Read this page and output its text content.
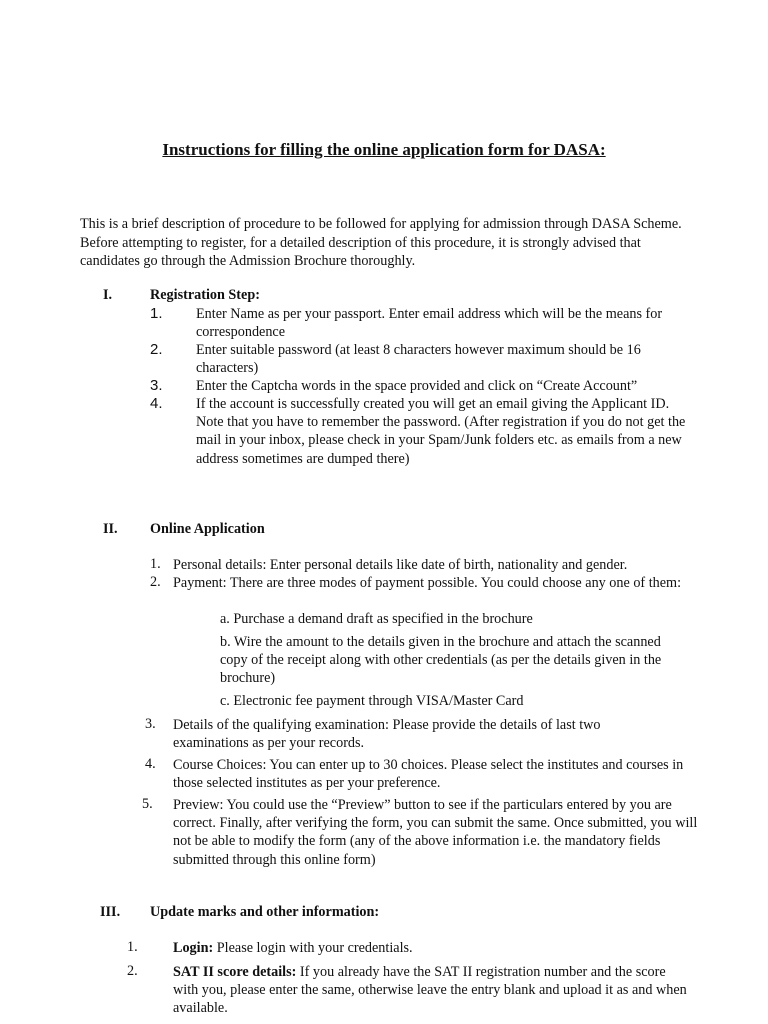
Instructions for filling the online application form for DASA:
This is a brief description of procedure to be followed for applying for admission through DASA Scheme. Before attempting to register, for a detailed description of this procedure, it is strongly advised that candidates go through the Admission Brochure thoroughly.
I.	Registration Step:
1. Enter Name as per your passport. Enter email address which will be the means for correspondence
2. Enter suitable password (at least 8 characters however maximum should be 16 characters)
3. Enter the Captcha words in the space provided and click on “Create Account”
4. If the account is successfully created you will get an email giving the Applicant ID. Note that you have to remember the password. (After registration if you do not get the mail in your inbox, please check in your Spam/Junk folders etc. as emails from a new address sometimes are dumped there)
II. Online Application
1. Personal details: Enter personal details like date of birth, nationality and gender.
2. Payment: There are three modes of payment possible. You could choose any one of them:
a. Purchase a demand draft as specified in the brochure
b. Wire the amount to the details given in the brochure and attach the scanned copy of the receipt along with other credentials (as per the details given in the brochure)
c. Electronic fee payment through VISA/Master Card
3. Details of the qualifying examination: Please provide the details of last two examinations as per your records.
4. Course Choices: You can enter up to 30 choices. Please select the institutes and courses in those selected institutes as per your preference.
5. Preview: You could use the “Preview” button to see if the particulars entered by you are correct. Finally, after verifying the form, you can submit the same. Once submitted, you will not be able to modify the form (any of the above information i.e. the mandatory fields submitted through this online form)
III. Update marks and other information:
1. Login: Please login with your credentials.
2. SAT II score details: If you already have the SAT II registration number and the score with you, please enter the same, otherwise leave the entry blank and upload it as and when available.
